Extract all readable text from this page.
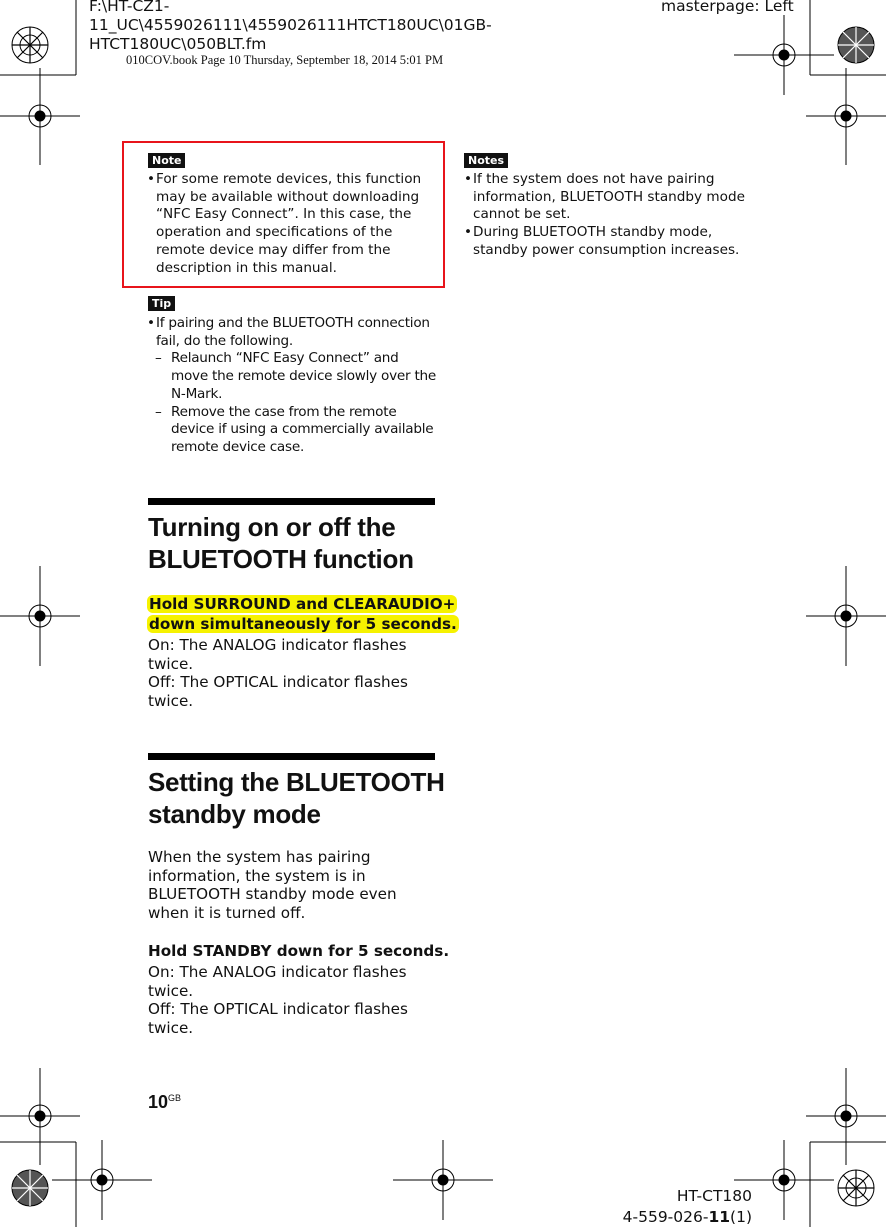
F:\HT-CZ1-11_UC\4559026111\4559026111HTCT180UC\01GB-
HTCT180UC\050BLT.fm
masterpage: Left
010COV.book Page 10 Thursday, September 18, 2014 5:01 PM
Note
• For some remote devices, this function may be available without downloading “NFC Easy Connect”. In this case, the operation and specifications of the remote device may differ from the description in this manual.
Tip
• If pairing and the BLUETOOTH connection fail, do the following.
– Relaunch “NFC Easy Connect” and move the remote device slowly over the N-Mark.
– Remove the case from the remote device if using a commercially available remote device case.
Turning on or off the
BLUETOOTH function
Hold SURROUND and CLEARAUDIO+
down simultaneously for 5 seconds.
On: The ANALOG indicator flashes twice.
Off: The OPTICAL indicator flashes twice.
Setting the BLUETOOTH
standby mode
When the system has pairing information, the system is in BLUETOOTH standby mode even when it is turned off.
Hold STANDBY down for 5 seconds.
On: The ANALOG indicator flashes twice.
Off: The OPTICAL indicator flashes twice.
Notes
• If the system does not have pairing information, BLUETOOTH standby mode cannot be set.
• During BLUETOOTH standby mode, standby power consumption increases.
$10^{GB}$
HT-CT180
4-559-026-11(1)
